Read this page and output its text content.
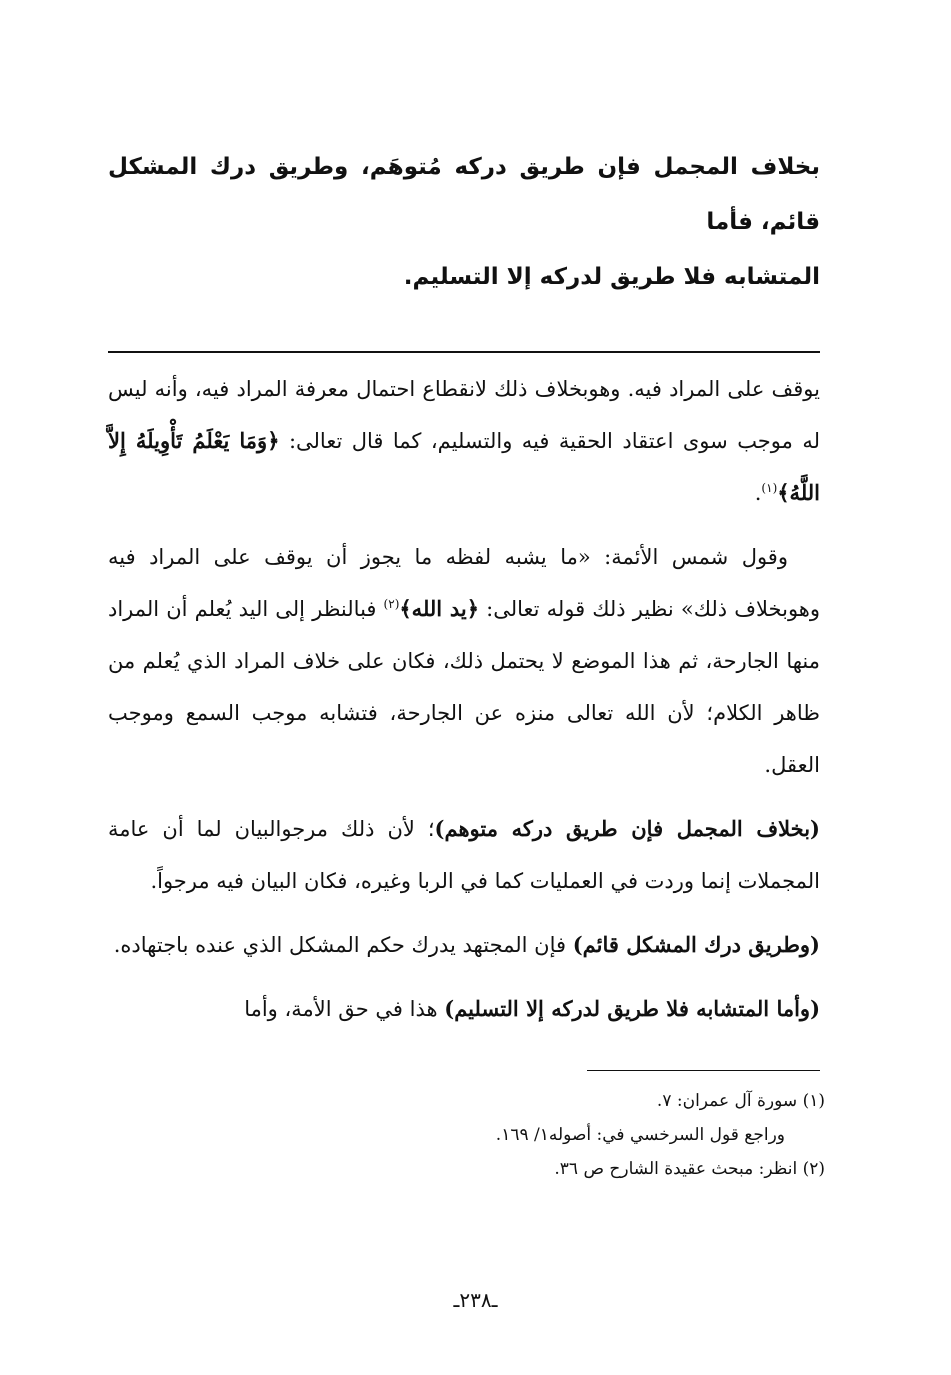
بخلاف المجمل فإن طريق دركه مُتوهَم، وطريق درك المشكل قائم، فأما
المتشابه فلا طريق لدركه إلا التسليم.

يوقف على المراد فيه. وهوبخلاف ذلك لانقطاع احتمال معرفة المراد فيه، وأنه ليس له موجب سوى اعتقاد الحقية فيه والتسليم، كما قال تعالى: ﴿وَمَا يَعْلَمُ تَأْوِيلَهُ إِلاَّ اللَّهُ﴾$^{(١)}$.

وقول شمس الأئمة: «ما يشبه لفظه ما يجوز أن يوقف على المراد فيه وهوبخلاف ذلك» نظير ذلك قوله تعالى: ﴿يد الله﴾$^{(٢)}$ فبالنظر إلى اليد يُعلم أن المراد منها الجارحة، ثم هذا الموضع لا يحتمل ذلك، فكان على خلاف المراد الذي يُعلم من ظاهر الكلام؛ لأن الله تعالى منزه عن الجارحة، فتشابه موجب السمع وموجب العقل.

(بخلاف المجمل فإن طريق دركه متوهم)؛ لأن ذلك مرجوالبيان لما أن عامة المجملات إنما وردت في العمليات كما في الربا وغيره، فكان البيان فيه مرجواً.

(وطريق درك المشكل قائم) فإن المجتهد يدرك حكم المشكل الذي عنده باجتهاده.

(وأما المتشابه فلا طريق لدركه إلا التسليم) هذا في حق الأمة، وأما

(١) سورة آل عمران: ٧.
وراجع قول السرخسي في: أصوله١/ ١٦٩.
(٢) انظر: مبحث عقيدة الشارح ص ٣٦.
ـ٢٣٨ـ
